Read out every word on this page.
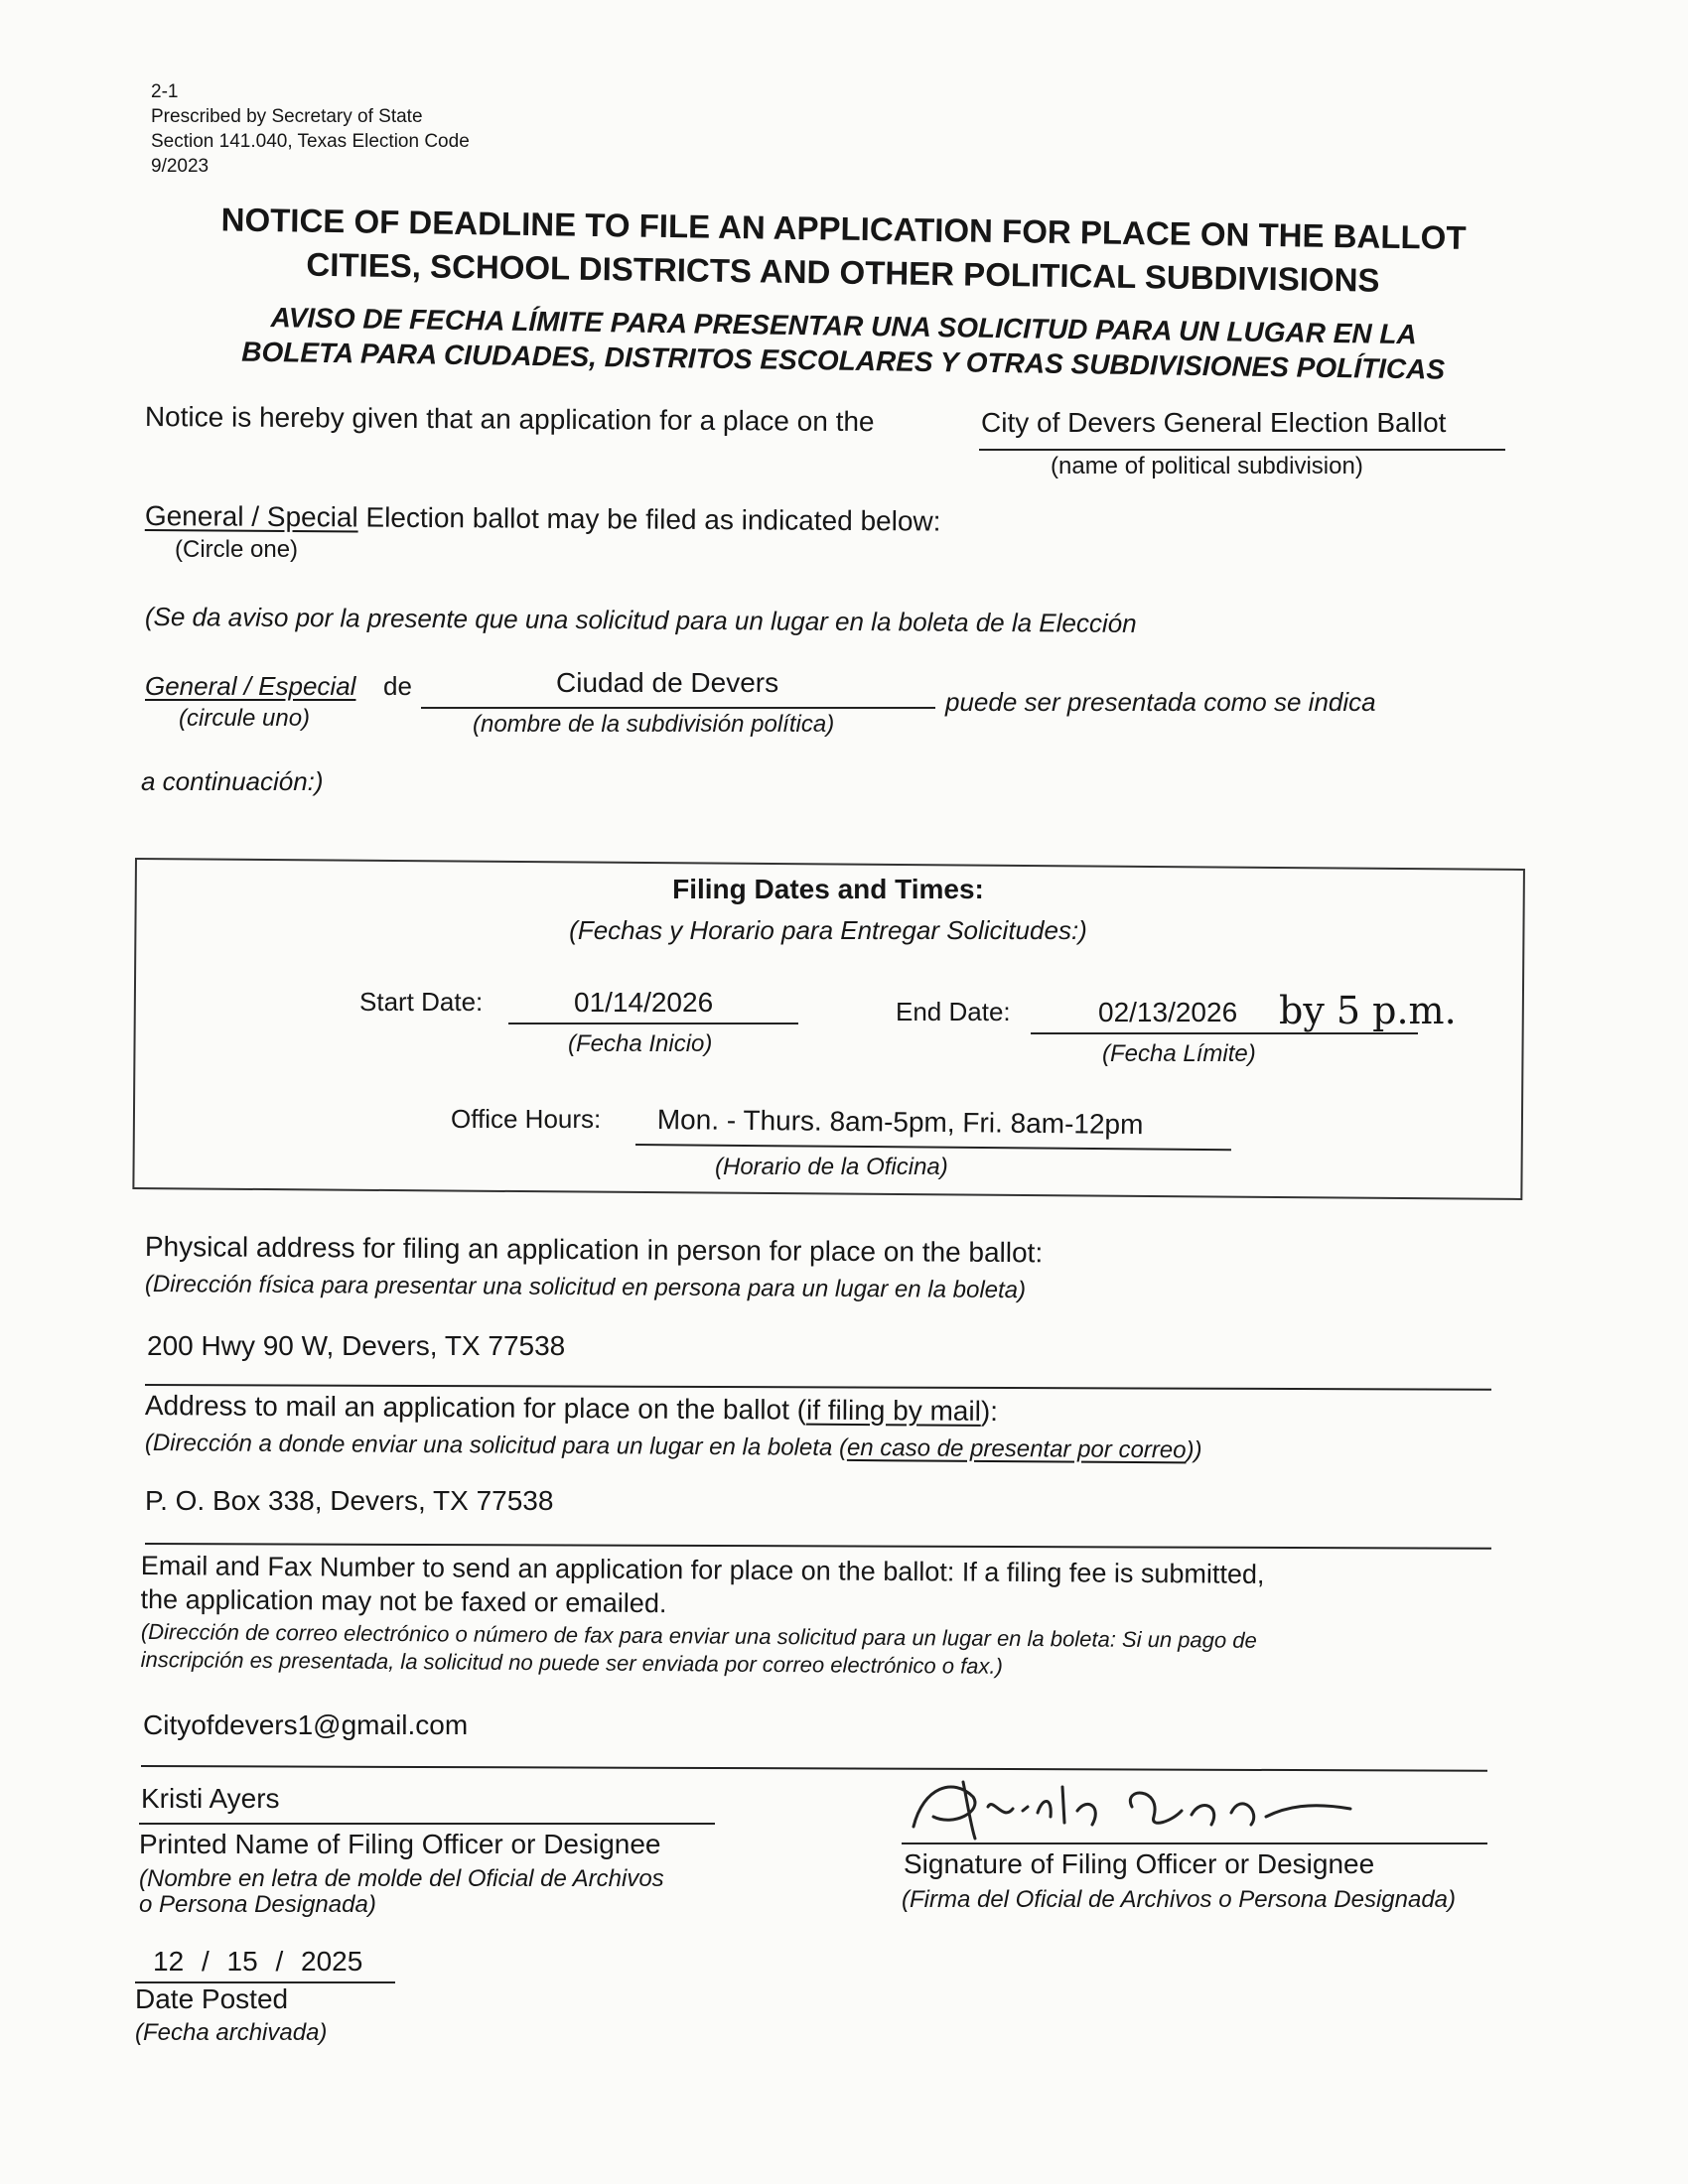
2-1
Prescribed by Secretary of State
Section 141.040, Texas Election Code
9/2023
NOTICE OF DEADLINE TO FILE AN APPLICATION FOR PLACE ON THE BALLOT
CITIES, SCHOOL DISTRICTS AND OTHER POLITICAL SUBDIVISIONS
AVISO DE FECHA LÍMITE PARA PRESENTAR UNA SOLICITUD PARA UN LUGAR EN LA
BOLETA PARA CIUDADES, DISTRITOS ESCOLARES Y OTRAS SUBDIVISIONES POLÍTICAS
Notice is hereby given that an application for a place on the	City of Devers General Election Ballot
(name of political subdivision)
General / Special Election ballot may be filed as indicated below:
(Circle one)
(Se da aviso por la presente que una solicitud para un lugar en la boleta de la Elección
General / Especial de	Ciudad de Devers
puede ser presentada como se indica
(circule uno)	(nombre de la subdivisión política)
a continuación:)
Filing Dates and Times:
(Fechas y Horario para Entregar Solicitudes:)
Start Date:	01/14/2026
(Fecha Inicio)
End Date:	02/13/2026 by 5 p.m.
(Fecha Límite)
Office Hours: Mon. - Thurs. 8am-5pm, Fri. 8am-12pm
(Horario de la Oficina)
Physical address for filing an application in person for place on the ballot:
(Dirección física para presentar una solicitud en persona para un lugar en la boleta)
200 Hwy 90 W, Devers, TX 77538
Address to mail an application for place on the ballot (if filing by mail):
(Dirección a donde enviar una solicitud para un lugar en la boleta (en caso de presentar por correo))
P. O. Box 338, Devers, TX 77538
Email and Fax Number to send an application for place on the ballot: If a filing fee is submitted,
the application may not be faxed or emailed.
(Dirección de correo electrónico o número de fax para enviar una solicitud para un lugar en la boleta: Si un pago de
inscripción es presentada, la solicitud no puede ser enviada por correo electrónico o fax.)
Cityofdevers1@gmail.com
Kristi Ayers
Printed Name of Filing Officer or Designee
(Nombre en letra de molde del Oficial de Archivos
o Persona Designada)
Signature of Filing Officer or Designee
(Firma del Oficial de Archivos o Persona Designada)
12 / 15 / 2025
Date Posted
(Fecha archivada)
